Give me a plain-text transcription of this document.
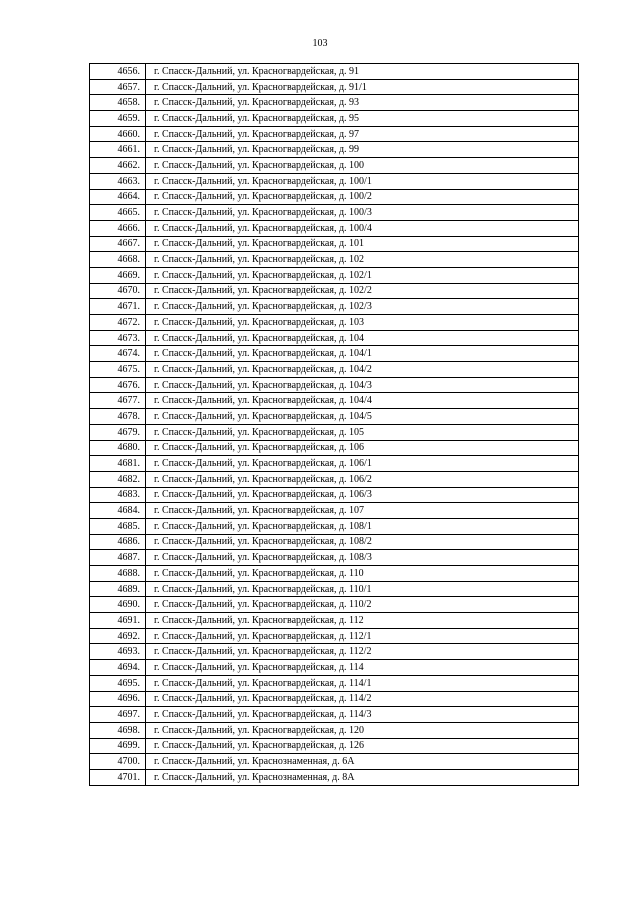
103
4656.	г. Спасск-Дальний, ул. Красногвардейская, д. 91
4657.	г. Спасск-Дальний, ул. Красногвардейская, д. 91/1
4658.	г. Спасск-Дальний, ул. Красногвардейская, д. 93
4659.	г. Спасск-Дальний, ул. Красногвардейская, д. 95
4660.	г. Спасск-Дальний, ул. Красногвардейская, д. 97
4661.	г. Спасск-Дальний, ул. Красногвардейская, д. 99
4662.	г. Спасск-Дальний, ул. Красногвардейская, д. 100
4663.	г. Спасск-Дальний, ул. Красногвардейская, д. 100/1
4664.	г. Спасск-Дальний, ул. Красногвардейская, д. 100/2
4665.	г. Спасск-Дальний, ул. Красногвардейская, д. 100/3
4666.	г. Спасск-Дальний, ул. Красногвардейская, д. 100/4
4667.	г. Спасск-Дальний, ул. Красногвардейская, д. 101
4668.	г. Спасск-Дальний, ул. Красногвардейская, д. 102
4669.	г. Спасск-Дальний, ул. Красногвардейская, д. 102/1
4670.	г. Спасск-Дальний, ул. Красногвардейская, д. 102/2
4671.	г. Спасск-Дальний, ул. Красногвардейская, д. 102/3
4672.	г. Спасск-Дальний, ул. Красногвардейская, д. 103
4673.	г. Спасск-Дальний, ул. Красногвардейская, д. 104
4674.	г. Спасск-Дальний, ул. Красногвардейская, д. 104/1
4675.	г. Спасск-Дальний, ул. Красногвардейская, д. 104/2
4676.	г. Спасск-Дальний, ул. Красногвардейская, д. 104/3
4677.	г. Спасск-Дальний, ул. Красногвардейская, д. 104/4
4678.	г. Спасск-Дальний, ул. Красногвардейская, д. 104/5
4679.	г. Спасск-Дальний, ул. Красногвардейская, д. 105
4680.	г. Спасск-Дальний, ул. Красногвардейская, д. 106
4681.	г. Спасск-Дальний, ул. Красногвардейская, д. 106/1
4682.	г. Спасск-Дальний, ул. Красногвардейская, д. 106/2
4683.	г. Спасск-Дальний, ул. Красногвардейская, д. 106/3
4684.	г. Спасск-Дальний, ул. Красногвардейская, д. 107
4685.	г. Спасск-Дальний, ул. Красногвардейская, д. 108/1
4686.	г. Спасск-Дальний, ул. Красногвардейская, д. 108/2
4687.	г. Спасск-Дальний, ул. Красногвардейская, д. 108/3
4688.	г. Спасск-Дальний, ул. Красногвардейская, д. 110
4689.	г. Спасск-Дальний, ул. Красногвардейская, д. 110/1
4690.	г. Спасск-Дальний, ул. Красногвардейская, д. 110/2
4691.	г. Спасск-Дальний, ул. Красногвардейская, д. 112
4692.	г. Спасск-Дальний, ул. Красногвардейская, д. 112/1
4693.	г. Спасск-Дальний, ул. Красногвардейская, д. 112/2
4694.	г. Спасск-Дальний, ул. Красногвардейская, д. 114
4695.	г. Спасск-Дальний, ул. Красногвардейская, д. 114/1
4696.	г. Спасск-Дальний, ул. Красногвардейская, д. 114/2
4697.	г. Спасск-Дальний, ул. Красногвардейская, д. 114/3
4698.	г. Спасск-Дальний, ул. Красногвардейская, д. 120
4699.	г. Спасск-Дальний, ул. Красногвардейская, д. 126
4700.	г. Спасск-Дальний, ул. Краснознаменная, д. 6А
4701.	г. Спасск-Дальний, ул. Краснознаменная, д. 8А
